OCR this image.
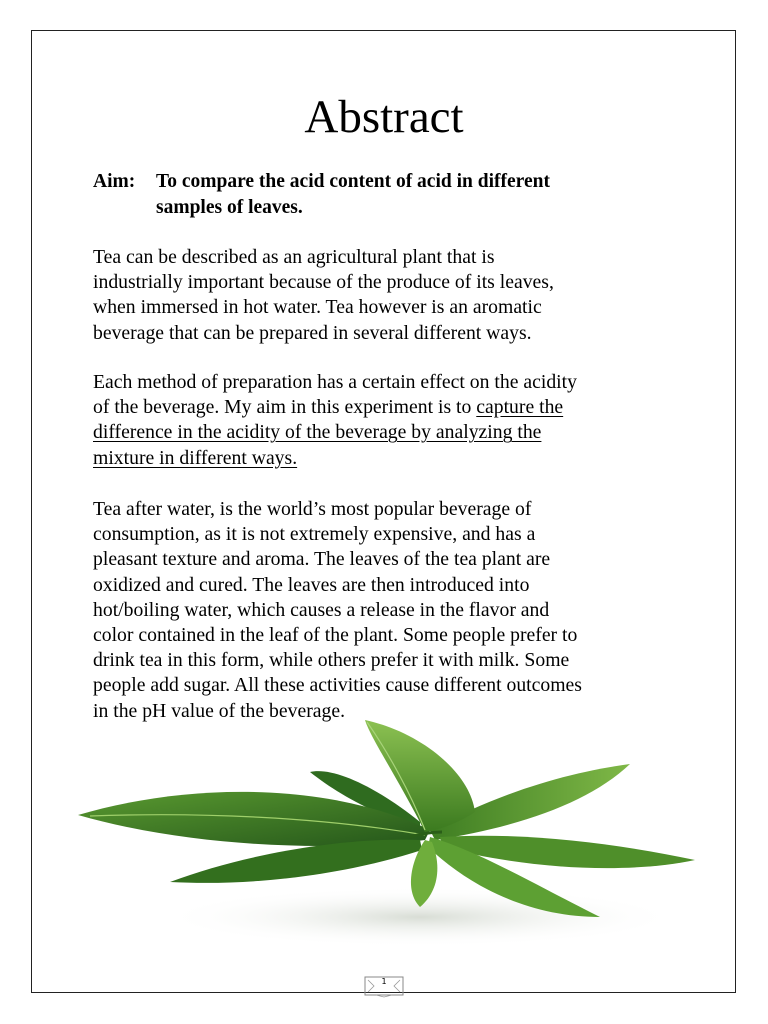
Abstract
Aim: To compare the acid content of acid in different
samples of leaves.
Tea can be described as an agricultural plant that is
industrially important because of the produce of its leaves,
when immersed in hot water. Tea however is an aromatic
beverage that can be prepared in several different ways.
Each method of preparation has a certain effect on the acidity
of the beverage. My aim in this experiment is to capture the
difference in the acidity of the beverage by analyzing the
mixture in different ways.
Tea after water, is the world’s most popular beverage of
consumption, as it is not extremely expensive, and has a
pleasant texture and aroma. The leaves of the tea plant are
oxidized and cured. The leaves are then introduced into
hot/boiling water, which causes a release in the flavor and
color contained in the leaf of the plant. Some people prefer to
drink tea in this form, while others prefer it with milk. Some
people add sugar. All these activities cause different outcomes
in the pH value of the beverage.
1
